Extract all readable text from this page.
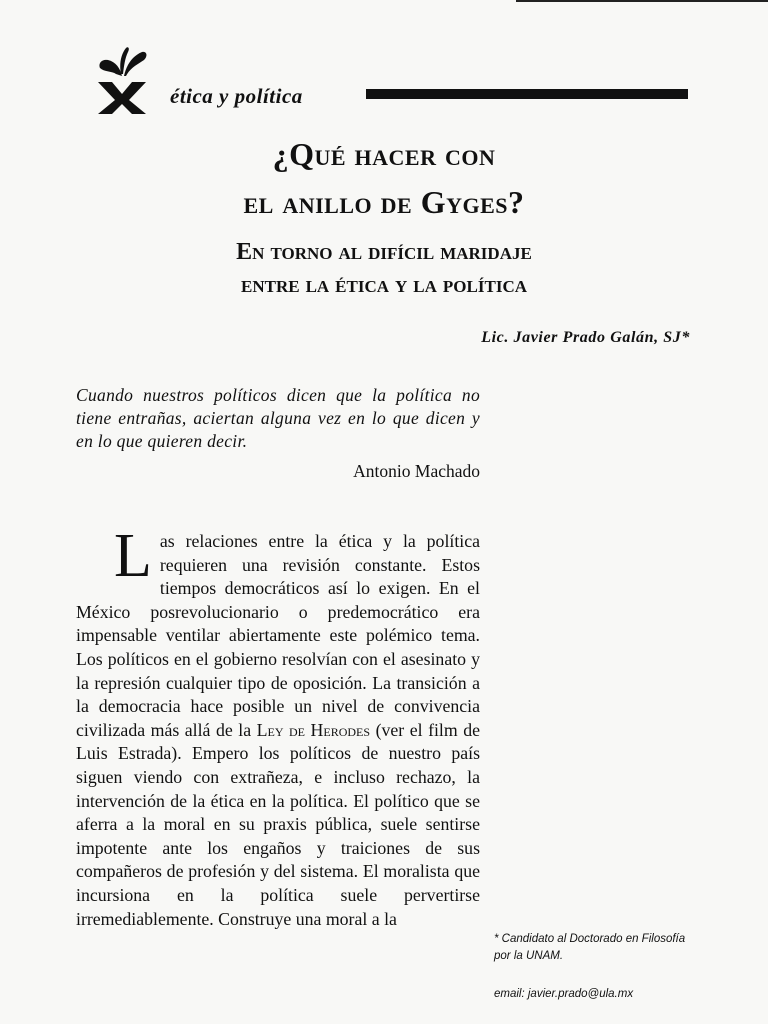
ética y política
¿Qué hacer con
el anillo de Gyges?
En torno al difícil maridaje
entre la ética y la política
Lic. Javier Prado Galán, SJ*
Cuando nuestros políticos dicen que la política no tiene entrañas, aciertan alguna vez en lo que dicen y en lo que quieren decir.
Antonio Machado

Las relaciones entre la ética y la política requieren una revisión constante. Estos tiempos democráticos así lo exigen. En el México posrevolucionario o predemocrático era impensable ventilar abiertamente este polémico tema. Los políticos en el gobierno resolvían con el asesinato y la represión cualquier tipo de oposición. La transición a la democracia hace posible un nivel de convivencia civilizada más allá de la Ley de Herodes (ver el film de Luis Estrada). Empero los políticos de nuestro país siguen viendo con extrañeza, e incluso rechazo, la intervención de la ética en la política. El político que se aferra a la moral en su praxis pública, suele sentirse impotente ante los engaños y traiciones de sus compañeros de profesión y del sistema. El moralista que incursiona en la política suele pervertirse irremediablemente. Construye una moral a la

* Candidato al Doctorado en Filosofía por la UNAM.
email: javier.prado@ula.mx
